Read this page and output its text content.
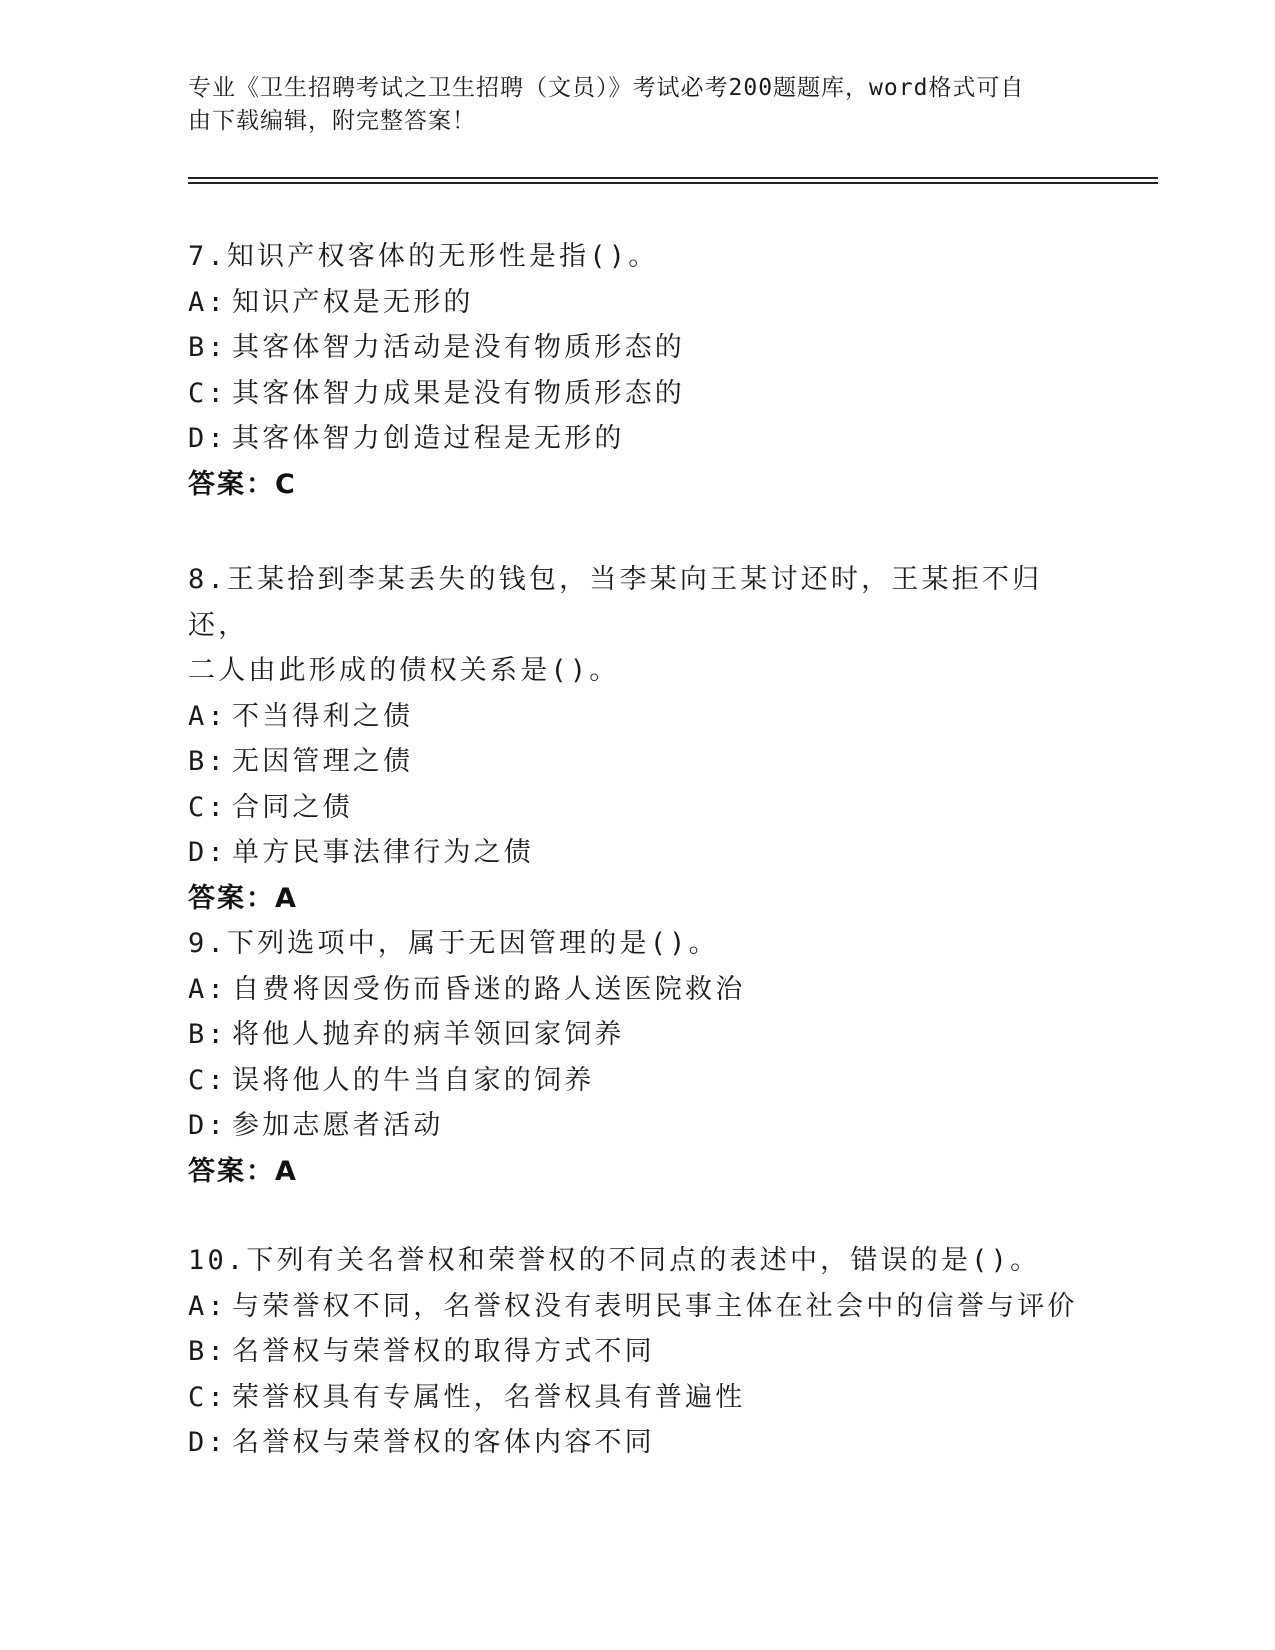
专业《卫生招聘考试之卫生招聘（文员）》考试必考200题题库，word格式可自
由下载编辑，附完整答案！
7.知识产权客体的无形性是指()。
A: 知识产权是无形的
B: 其客体智力活动是没有物质形态的
C: 其客体智力成果是没有物质形态的
D: 其客体智力创造过程是无形的
答案：C
8.王某拾到李某丢失的钱包，当李某向王某讨还时，王某拒不归还，
二人由此形成的债权关系是()。
A: 不当得利之债
B: 无因管理之债
C: 合同之债
D: 单方民事法律行为之债
答案：A
9.下列选项中，属于无因管理的是()。
A: 自费将因受伤而昏迷的路人送医院救治
B: 将他人抛弃的病羊领回家饲养
C: 误将他人的牛当自家的饲养
D: 参加志愿者活动
答案：A
10.下列有关名誉权和荣誉权的不同点的表述中，错误的是()。
A: 与荣誉权不同，名誉权没有表明民事主体在社会中的信誉与评价
B: 名誉权与荣誉权的取得方式不同
C: 荣誉权具有专属性，名誉权具有普遍性
D: 名誉权与荣誉权的客体内容不同
